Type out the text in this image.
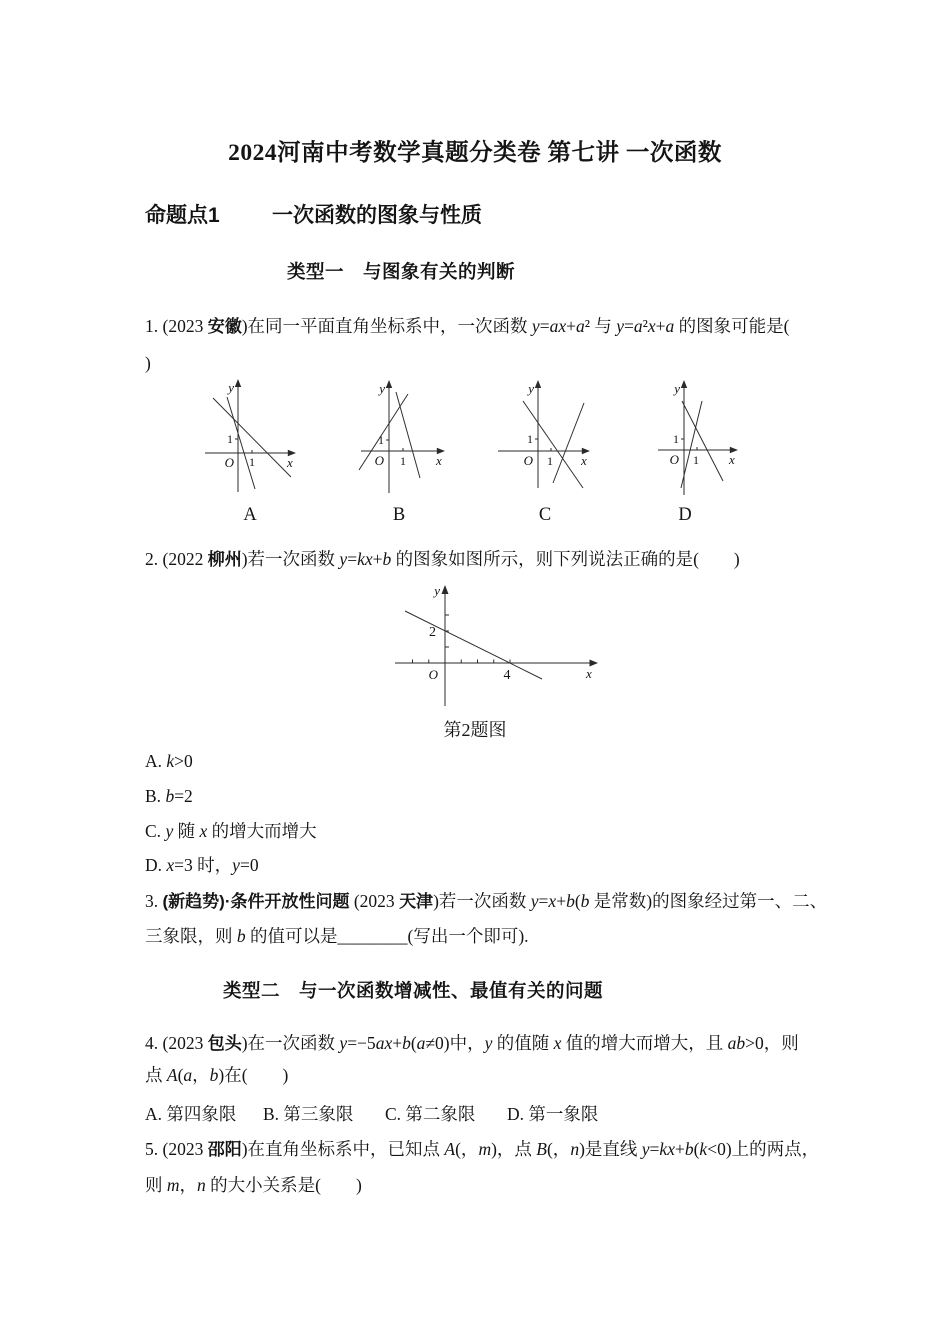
2024河南中考数学真题分类卷 第七讲 一次函数
命题点1 一次函数的图象与性质
类型一　与图象有关的判断
1. (2023 安徽)在同一平面直角坐标系中，一次函数 y=ax+a² 与 y=a²x+a 的图象可能是(
)
y
x
O
1
1
A
y
x
O
1
1
B
y
x
O
1
1
C
y
x
O
1
1
D
2. (2022 柳州)若一次函数 y=kx+b 的图象如图所示，则下列说法正确的是(　　)
y
x
O
2
4
第2题图
A. k>0
B. b=2
C. y 随 x 的增大而增大
D. x=3 时，y=0
3. (新趋势)·条件开放性问题 (2023 天津)若一次函数 y=x+b(b 是常数)的图象经过第一、二、
三象限，则 b 的值可以是________(写出一个即可).
类型二　与一次函数增减性、最值有关的问题
4. (2023 包头)在一次函数 y=−5ax+b(a≠0)中，y 的值随 x 值的增大而增大，且 ab>0，则
点 A(a，b)在(　　)
A. 第四象限 B. 第三象限 C. 第二象限 D. 第一象限
5. (2023 邵阳)在直角坐标系中，已知点 A(，m)，点 B(，n)是直线 y=kx+b(k<0)上的两点，
则 m，n 的大小关系是(　　)
